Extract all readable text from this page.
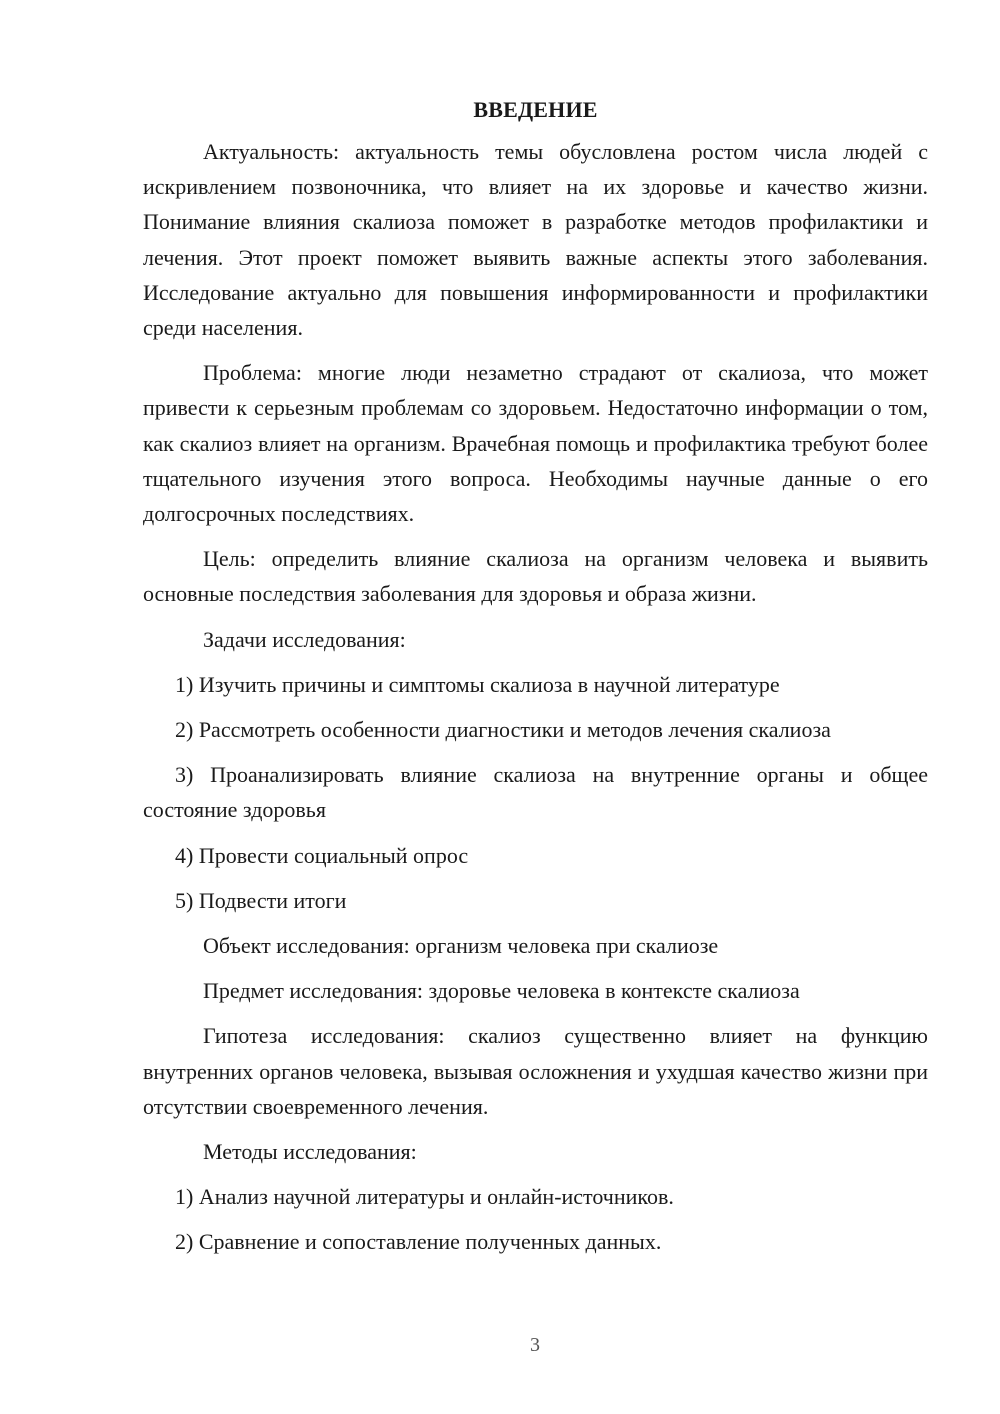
ВВЕДЕНИЕ

Актуальность: актуальность темы обусловлена ростом числа людей с искривлением позвоночника, что влияет на их здоровье и качество жизни. Понимание влияния скалиоза поможет в разработке методов профилактики и лечения. Этот проект поможет выявить важные аспекты этого заболевания. Исследование актуально для повышения информированности и профилактики среди населения.

Проблема: многие люди незаметно страдают от скалиоза, что может привести к серьезным проблемам со здоровьем. Недостаточно информации о том, как скалиоз влияет на организм. Врачебная помощь и профилактика требуют более тщательного изучения этого вопроса. Необходимы научные данные о его долгосрочных последствиях.

Цель: определить влияние скалиоза на организм человека и выявить основные последствия заболевания для здоровья и образа жизни.

Задачи исследования:

1) Изучить причины и симптомы скалиоза в научной литературе

2) Рассмотреть особенности диагностики и методов лечения скалиоза

3) Проанализировать влияние скалиоза на внутренние органы и общее состояние здоровья

4) Провести социальный опрос

5) Подвести итоги

Объект исследования: организм человека при скалиозе

Предмет исследования: здоровье человека в контексте скалиоза

Гипотеза исследования: скалиоз существенно влияет на функцию внутренних органов человека, вызывая осложнения и ухудшая качество жизни при отсутствии своевременного лечения.

Методы исследования:

1) Анализ научной литературы и онлайн-источников.

2) Сравнение и сопоставление полученных данных.

3
